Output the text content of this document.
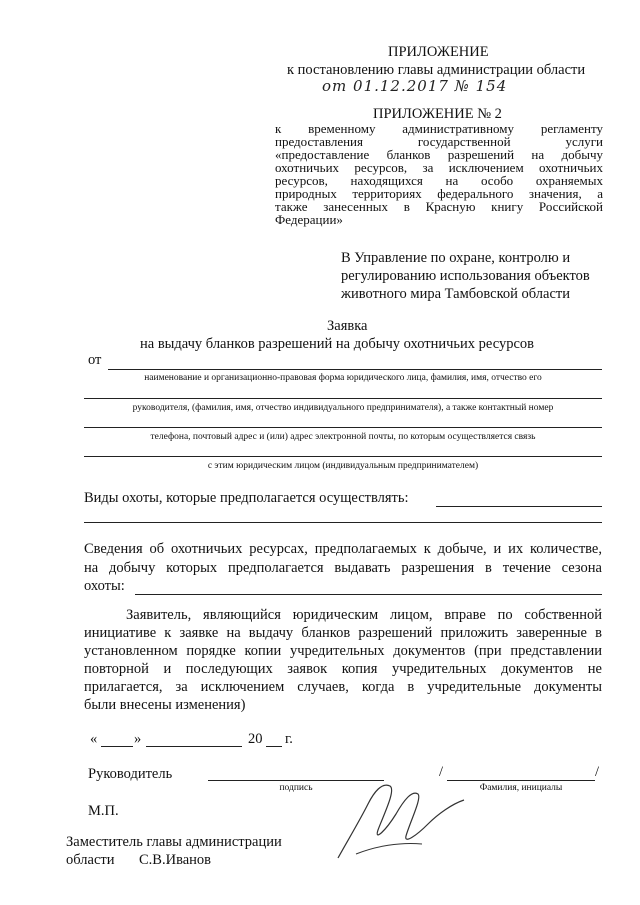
ПРИЛОЖЕНИЕ
к постановлению главы администрации области
от 01.12.2017 № 154
ПРИЛОЖЕНИЕ № 2
к временному административному регламенту
предоставления государственной услуги
«предоставление бланков разрешений на добычу
охотничьих ресурсов, за исключением охотничьих
ресурсов, находящихся на особо охраняемых
природных территориях федерального значения, а
также занесенных в Красную книгу Российской
Федерации»
В Управление по охране, контролю и
регулированию использования объектов
животного мира Тамбовской области
Заявка
на выдачу бланков разрешений на добычу охотничьих ресурсов
от
наименование и организационно-правовая форма юридического лица, фамилия, имя, отчество его
руководителя, (фамилия, имя, отчество индивидуального предпринимателя), а также контактный номер
телефона, почтовый адрес и (или) адрес электронной почты, по которым осуществляется связь
с этим юридическим лицом (индивидуальным предпринимателем)
Виды охоты, которые предполагается осуществлять:
Сведения об охотничьих ресурсах, предполагаемых к добыче, и их количестве,
на добычу которых предполагается выдавать разрешения в течение сезона
охоты:
Заявитель, являющийся юридическим лицом, вправе по собственной
инициативе к заявке на выдачу бланков разрешений приложить заверенные в
установленном порядке копии учредительных документов (при представлении
повторной и последующих заявок копия учредительных документов не
прилагается, за исключением случаев, когда в учредительные документы
были внесены изменения)
«	»	20 г.
Руководитель
подпись
/	/
Фамилия, инициалы
М.П.
Заместитель главы администрации
области С.В.Иванов
